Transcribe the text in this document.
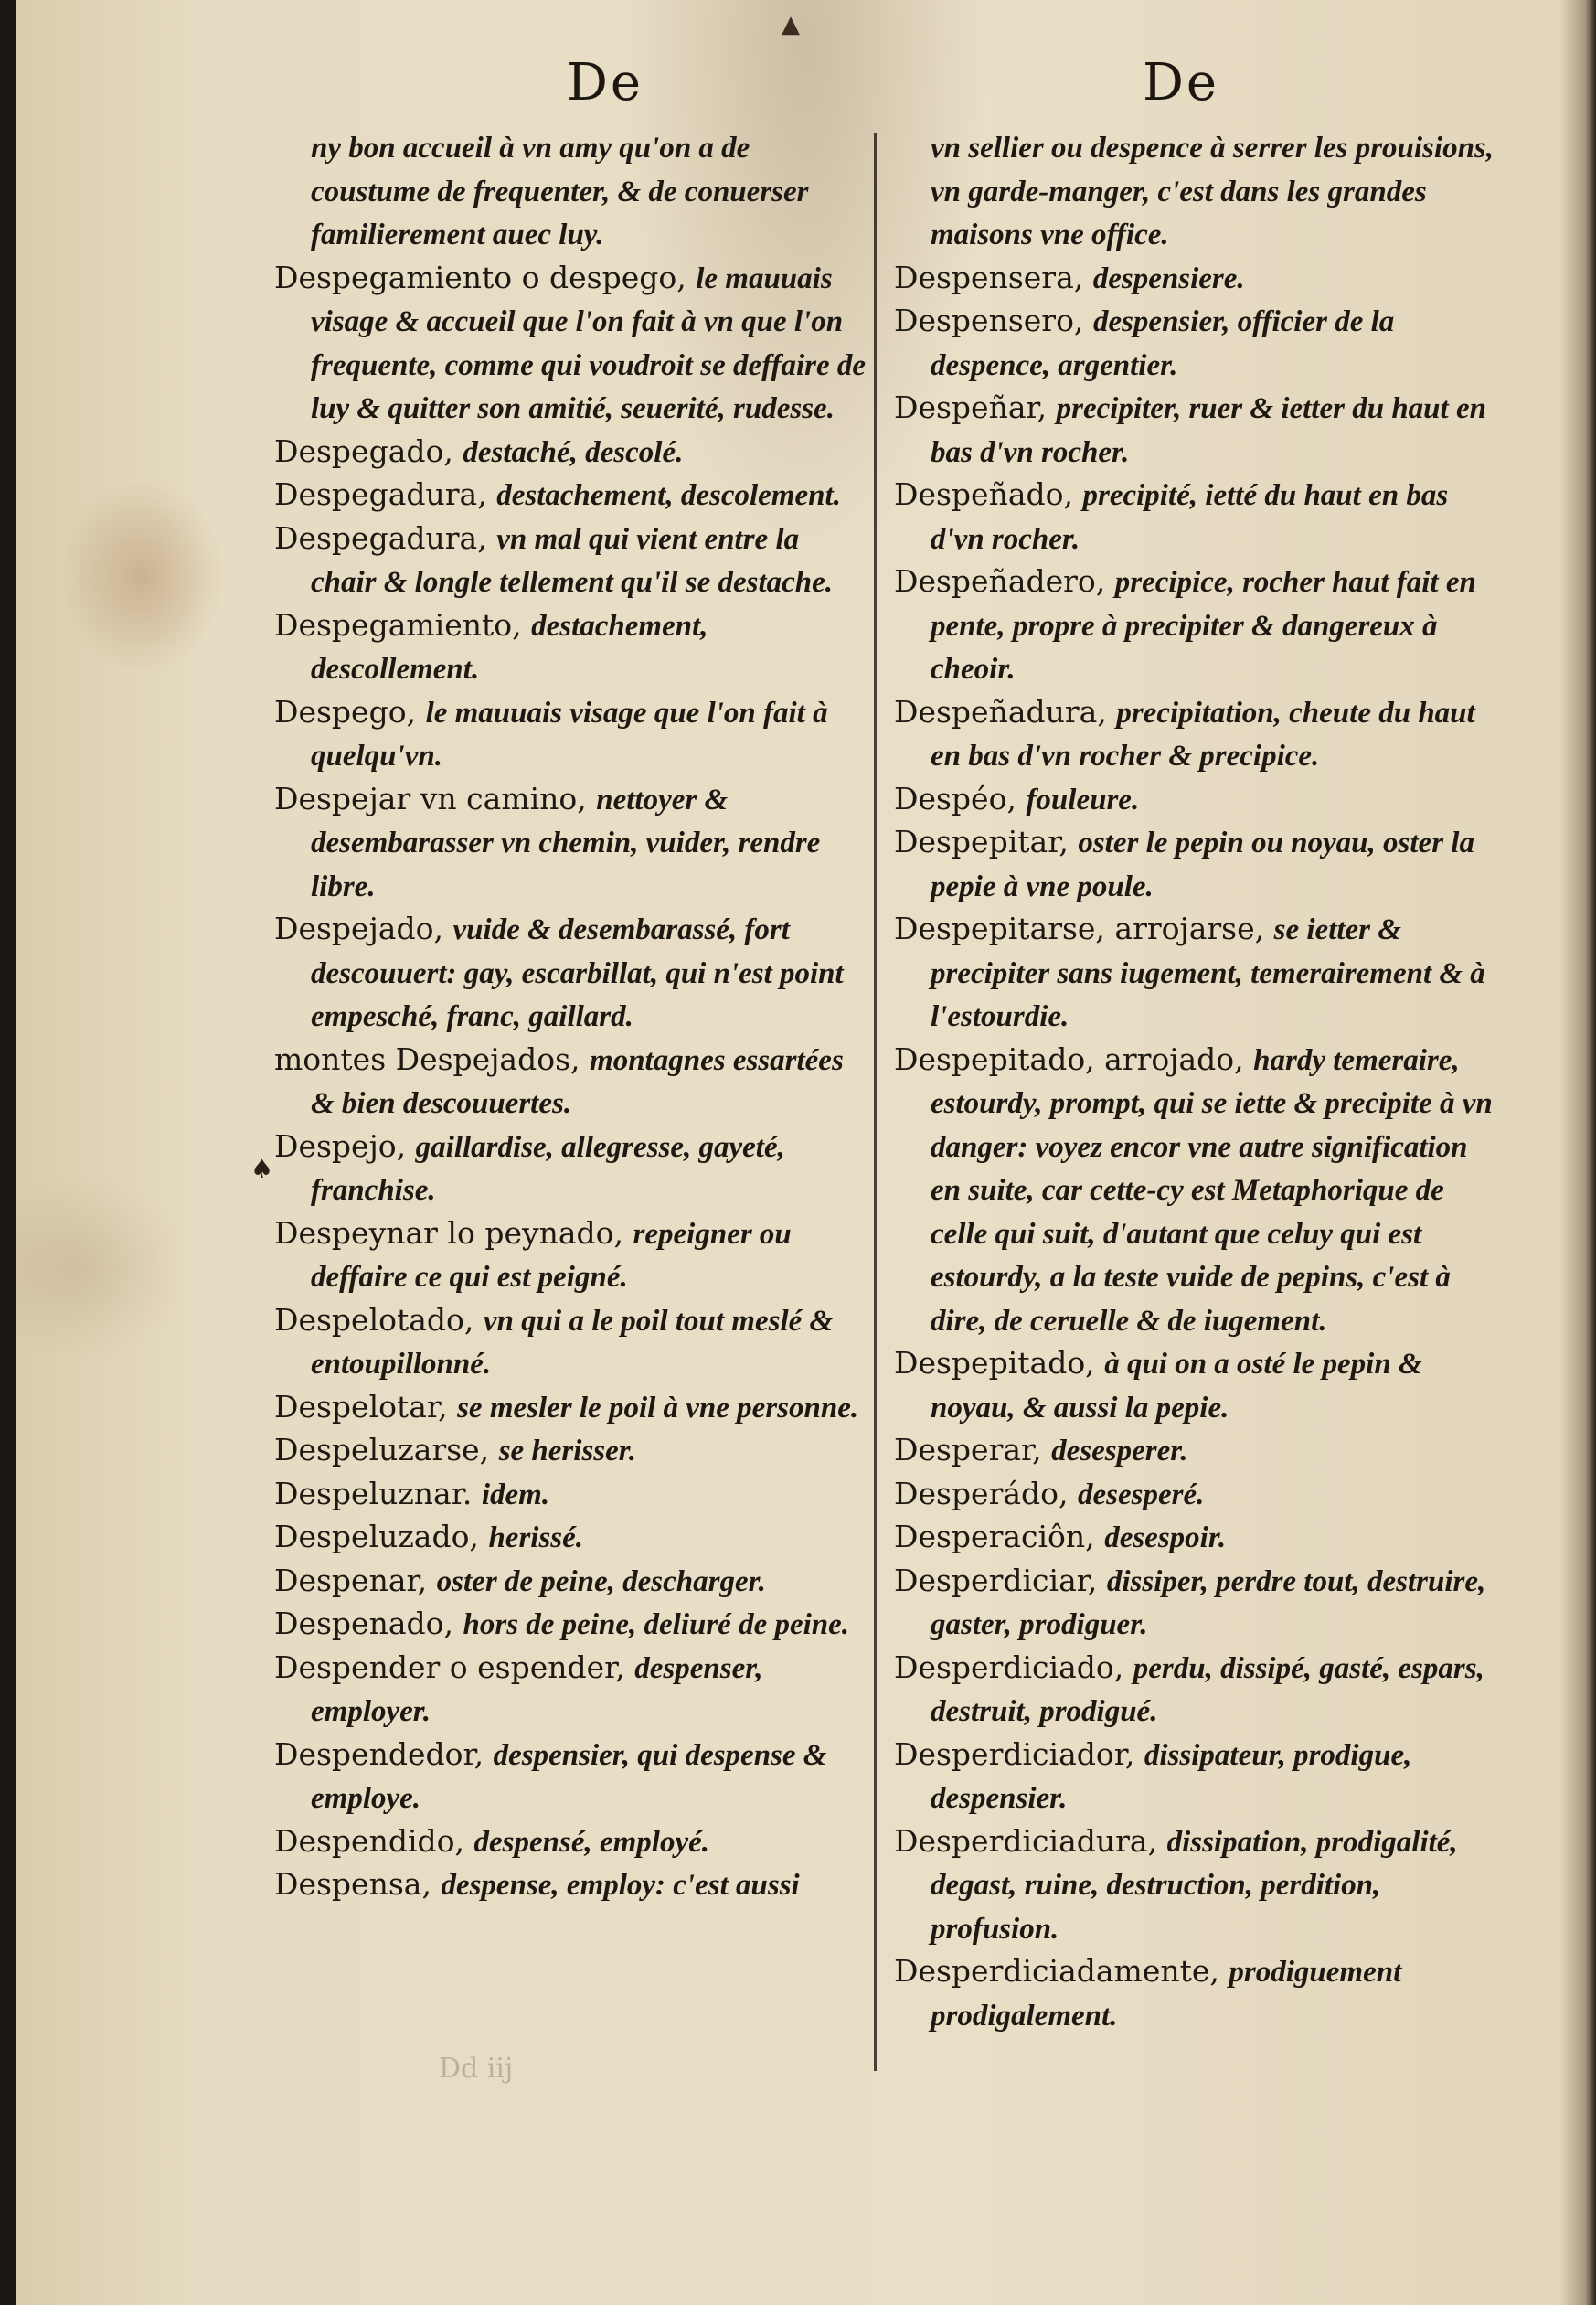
▲
De	De
♠

ny bon accueil à vn amy qu'on a de coustume de frequenter, & de conuerser familierement auec luy.

Despegamiento o despego, le mauuais visage & accueil que l'on fait à vn que l'on frequente, comme qui voudroit se deffaire de luy & quitter son amitié, seuerité, rudesse.

Despegado, destaché, descolé.

Despegadura, destachement, descolement.

Despegadura, vn mal qui vient entre la chair & longle tellement qu'il se destache.

Despegamiento, destachement, descollement.

Despego, le mauuais visage que l'on fait à quelqu'vn.

Despejar vn camino, nettoyer & desembarasser vn chemin, vuider, rendre libre.

Despejado, vuide & desembarassé, fort descouuert: gay, escarbillat, qui n'est point empesché, franc, gaillard.

montes Despejados, montagnes essartées & bien descouuertes.

Despejo, gaillardise, allegresse, gayeté, franchise.

Despeynar lo peynado, repeigner ou deffaire ce qui est peigné.

Despelotado, vn qui a le poil tout meslé & entoupillonné.

Despelotar, se mesler le poil à vne personne.

Despeluzarse, se herisser.

Despeluznar. idem.

Despeluzado, herissé.

Despenar, oster de peine, descharger.

Despenado, hors de peine, deliuré de peine.

Despender o espender, despenser, employer.

Despendedor, despensier, qui despense & employe.

Despendido, despensé, employé.

Despensa, despense, employ: c'est aussi

vn sellier ou despence à serrer les prouisions, vn garde-manger, c'est dans les grandes maisons vne office.

Despensera, despensiere.

Despensero, despensier, officier de la despence, argentier.

Despeñar, precipiter, ruer & ietter du haut en bas d'vn rocher.

Despeñado, precipité, ietté du haut en bas d'vn rocher.

Despeñadero, precipice, rocher haut fait en pente, propre à precipiter & dangereux à cheoir.

Despeñadura, precipitation, cheute du haut en bas d'vn rocher & precipice.

Despéo, fouleure.

Despepitar, oster le pepin ou noyau, oster la pepie à vne poule.

Despepitarse, arrojarse, se ietter & precipiter sans iugement, temerairement & à l'estourdie.

Despepitado, arrojado, hardy temeraire, estourdy, prompt, qui se iette & precipite à vn danger: voyez encor vne autre signification en suite, car cette-cy est Metaphorique de celle qui suit, d'autant que celuy qui est estourdy, a la teste vuide de pepins, c'est à dire, de ceruelle & de iugement.

Despepitado, à qui on a osté le pepin & noyau, & aussi la pepie.

Desperar, desesperer.

Desperádo, desesperé.

Desperaciôn, desespoir.

Desperdiciar, dissiper, perdre tout, destruire, gaster, prodiguer.

Desperdiciado, perdu, dissipé, gasté, espars, destruit, prodigué.

Desperdiciador, dissipateur, prodigue, despensier.

Desperdiciadura, dissipation, prodigalité, degast, ruine, destruction, perdition, profusion.

Desperdiciadamente, prodiguement prodigalement.

Dd iij
